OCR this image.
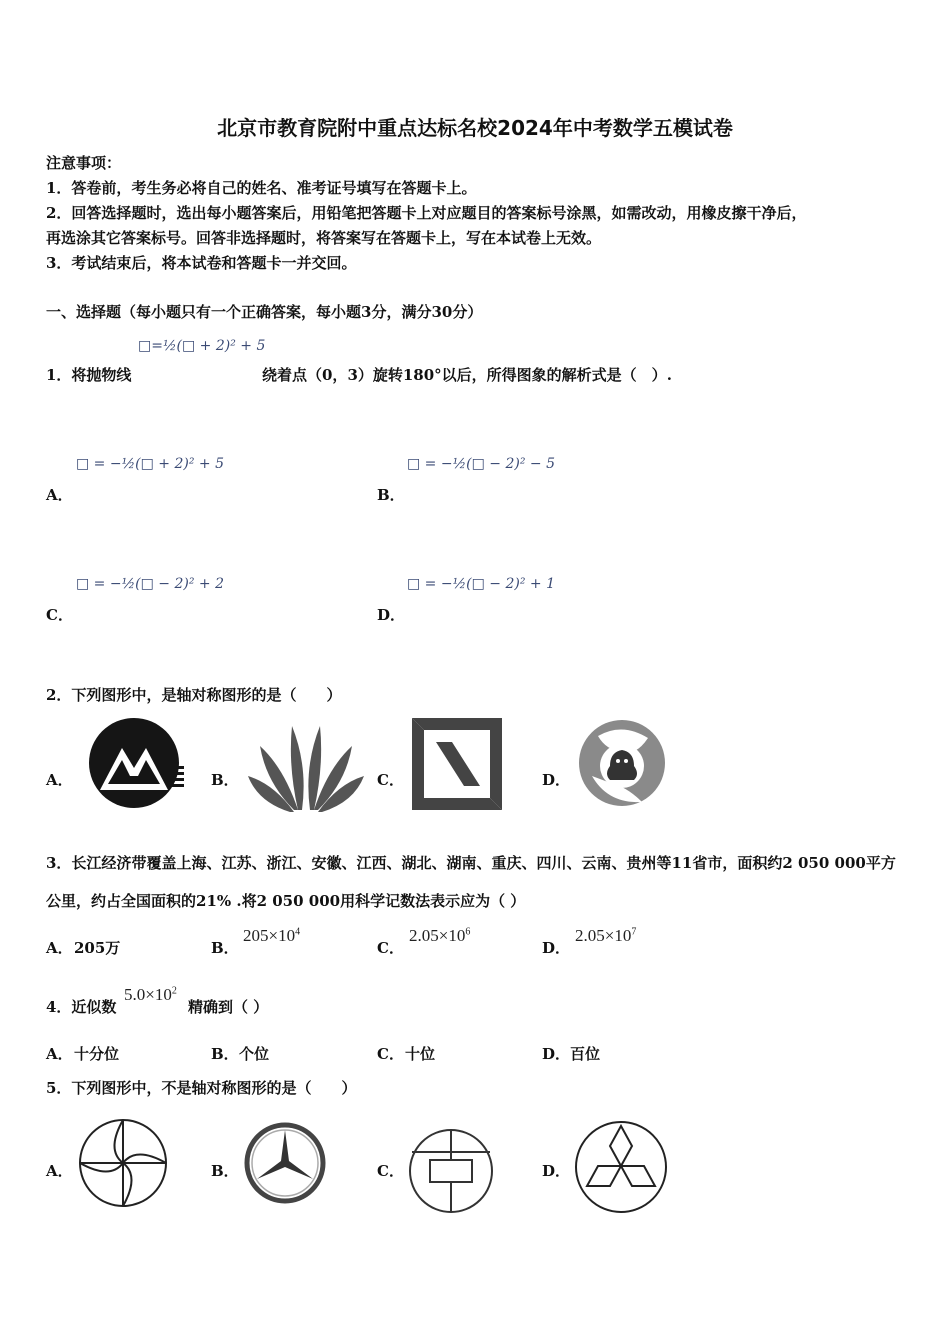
北京市教育院附中重点达标名校2024年中考数学五模试卷
注意事项：
1．答卷前，考生务必将自己的姓名、准考证号填写在答题卡上。
2．回答选择题时，选出每小题答案后，用铅笔把答题卡上对应题目的答案标号涂黑，如需改动，用橡皮擦干净后，
再选涂其它答案标号。回答非选择题时，将答案写在答题卡上，写在本试卷上无效。
3．考试结束后，将本试卷和答题卡一并交回。
一、选择题（每小题只有一个正确答案，每小题3分，满分30分）
□=½(□ + 2)² + 5
1．将抛物线	绕着点（0，3）旋转180°以后，所得图象的解析式是（　）.
□ = −½(□ + 2)² + 5
A．
□ = −½(□ − 2)² − 5
B．
□ = −½(□ − 2)² + 2
C．
□ = −½(□ − 2)² + 1
D．
2．下列图形中，是轴对称图形的是（　　）
A．	B．	C．	D．
3．长江经济带覆盖上海、江苏、浙江、安徽、江西、湖北、湖南、重庆、四川、云南、贵州等11省市，面积约2 050 000平方
公里，约占全国面积的21% .将2 050 000用科学记数法表示应为（ ）
A． 205万	B．
$205\times 10^4$
C．
$2.05\times 10^6$
D．
$2.05\times 10^7$
4．近似数
$5.0\times 10^2$
精确到（ ）
A． 十分位	B． 个位	C． 十位	D． 百位
5．下列图形中，不是轴对称图形的是（　　）
A．	B．	C．	D．
